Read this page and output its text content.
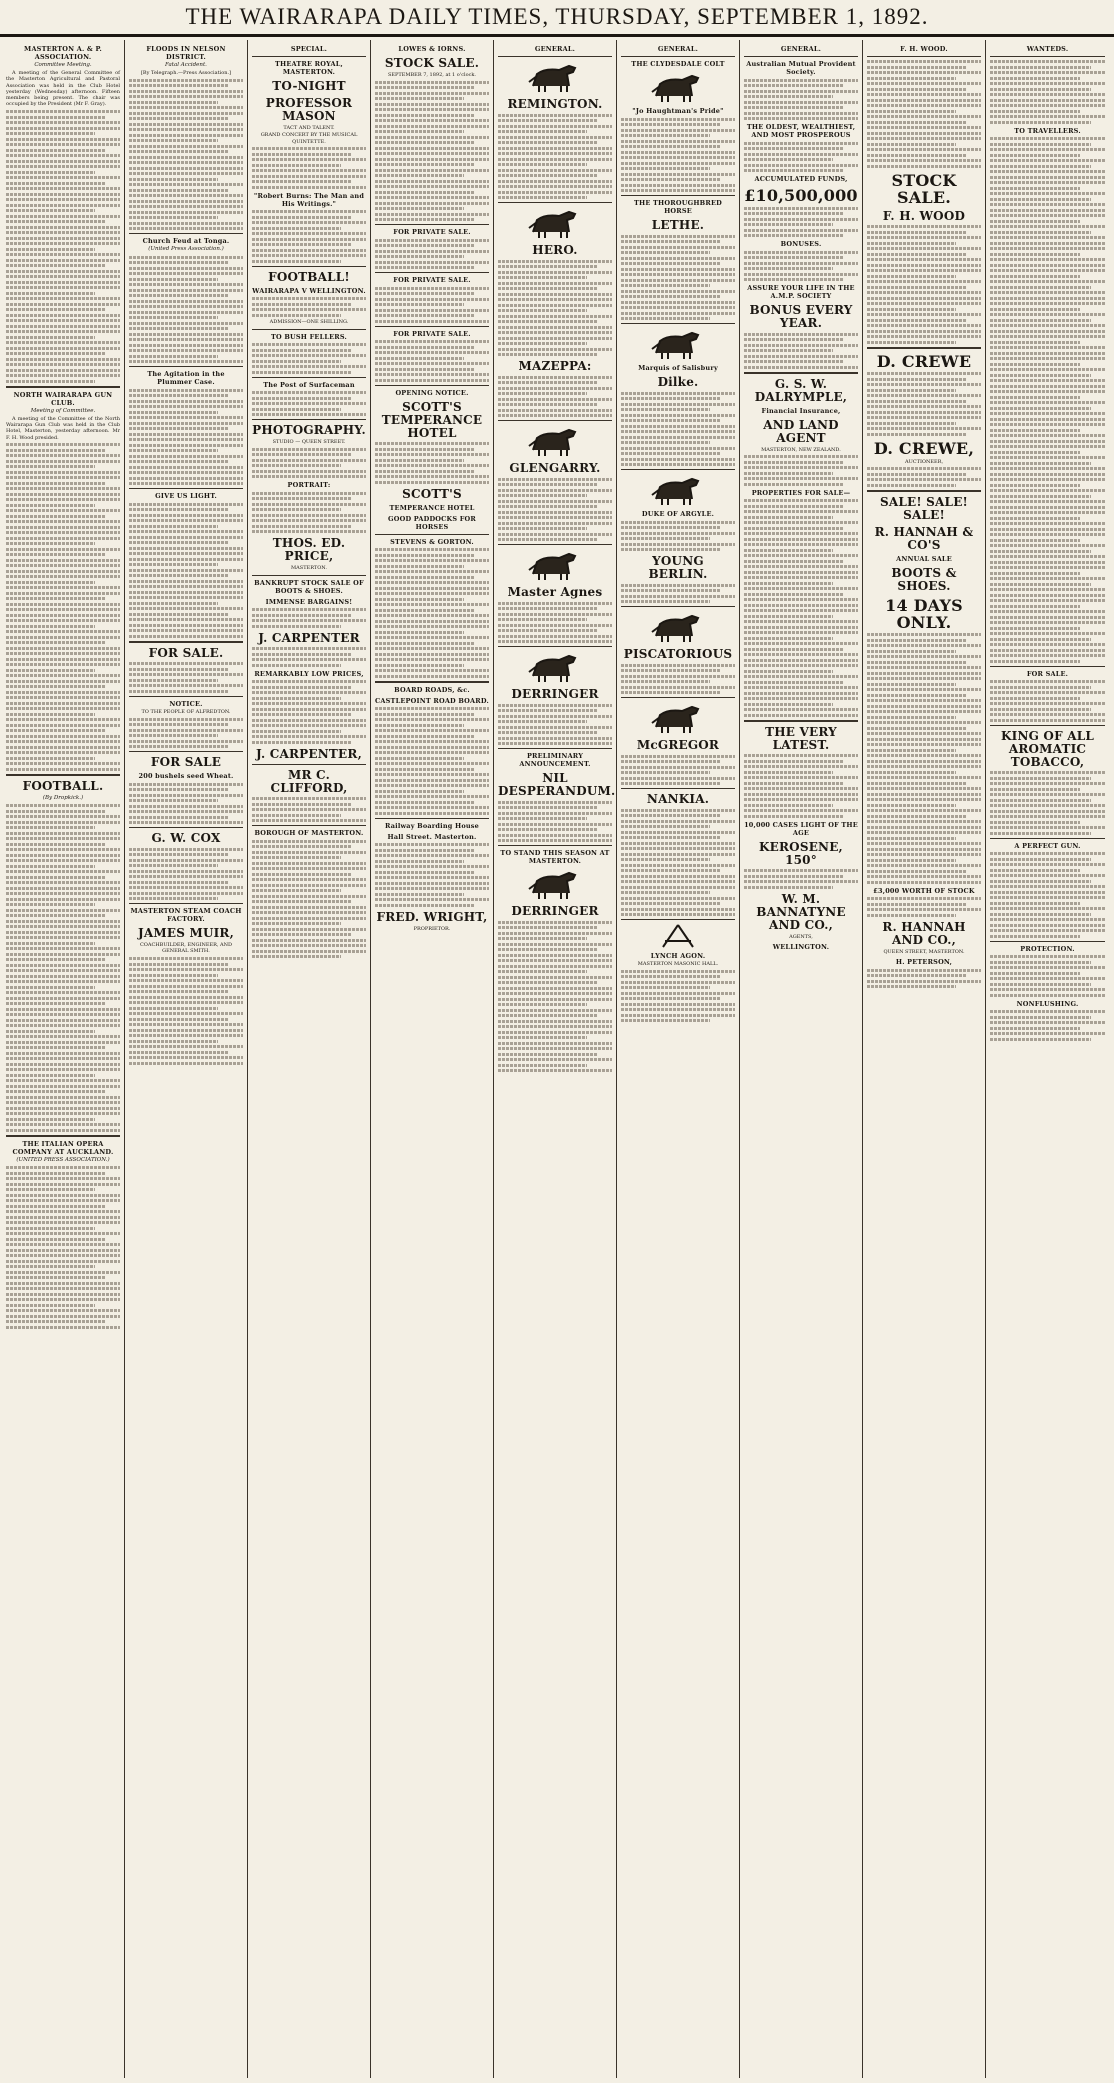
THE WAIRARAPA DAILY TIMES, THURSDAY, SEPTEMBER 1, 1892.
MASTERTON A. & P. ASSOCIATION.
Committee Meeting.
A meeting of the General Committee of the Masterton Agricultural and Pastoral Association was held in the Club Hotel yesterday (Wednesday) afternoon. Fifteen members being present. The chair was occupied by the President (Mr F. Gray).
NORTH WAIRARAPA GUN CLUB.
Meeting of Committee.
A meeting of the Committee of the North Wairarapa Gun Club was held in the Club Hotel, Masterton, yesterday afternoon. Mr F. H. Wood presided.
FOOTBALL.
(By Dropkick.)
THE ITALIAN OPERA COMPANY AT AUCKLAND.
(UNITED PRESS ASSOCIATION.)
FLOODS IN NELSON DISTRICT.
Fatal Accident.
[By Telegraph.—Press Association.]
Church Feud at Tonga.
(United Press Association.)
The Agitation in the Plummer Case.
GIVE US LIGHT.
FOR SALE.
NOTICE.
TO THE PEOPLE OF ALFREDTON.
FOR SALE
200 bushels seed Wheat.
G. W. COX
MASTERTON STEAM COACH FACTORY.
JAMES MUIR,
COACHBUILDER, ENGINEER, AND GENERAL SMITH.
SPECIAL.
THEATRE ROYAL, MASTERTON.
TO-NIGHT
PROFESSOR MASON
TACT AND TALENT.
GRAND CONCERT BY THE MUSICAL QUINTETTE.
"Robert Burns: The Man and His Writings."
FOOTBALL!
WAIRARAPA V WELLINGTON.
ADMISSION—ONE SHILLING.
TO BUSH FELLERS.
The Post of Surfaceman
PHOTOGRAPHY.
STUDIO — QUEEN STREET.
PORTRAIT:
THOS. ED. PRICE,
MASTERTON.
BANKRUPT STOCK SALE OF BOOTS & SHOES.
IMMENSE BARGAINS!
J. CARPENTER
REMARKABLY LOW PRICES,
J. CARPENTER,
MR C. CLIFFORD,
BOROUGH OF MASTERTON.
LOWES & IORNS.
STOCK SALE.
SEPTEMBER 7, 1892, at 1 o'clock.
FOR PRIVATE SALE.
FOR PRIVATE SALE.
FOR PRIVATE SALE.
OPENING NOTICE.
SCOTT'S TEMPERANCE HOTEL
SCOTT'S
TEMPERANCE HOTEL
GOOD PADDOCKS FOR HORSES
STEVENS & GORTON.
BOARD ROADS, &c.
CASTLEPOINT ROAD BOARD.
Railway Boarding House
Hall Street. Masterton.
FRED. WRIGHT,
PROPRIETOR.
GENERAL.
REMINGTON.
HERO.
MAZEPPA:
GLENGARRY.
Master Agnes
DERRINGER
PRELIMINARY ANNOUNCEMENT.
NIL DESPERANDUM.
TO STAND THIS SEASON AT MASTERTON.
DERRINGER
GENERAL.
THE CLYDESDALE COLT
"Jo Haughtman's Pride"
THE THOROUGHBRED HORSE
LETHE.
Marquis of Salisbury
Dilke.
DUKE OF ARGYLE.
YOUNG BERLIN.
PISCATORIOUS
McGREGOR
NANKIA.
LYNCH AGON.
MASTERTON MASONIC HALL.
GENERAL.
Australian Mutual Provident Society.
THE OLDEST, WEALTHIEST, AND MOST PROSPEROUS
ACCUMULATED FUNDS,
£10,500,000
BONUSES.
ASSURE YOUR LIFE IN THE A.M.P. SOCIETY
BONUS EVERY YEAR.
G. S. W. DALRYMPLE,
Financial Insurance,
AND LAND AGENT
MASTERTON, NEW ZEALAND.
PROPERTIES FOR SALE—
THE VERY LATEST.
10,000 CASES LIGHT OF THE AGE
KEROSENE, 150°
W. M. BANNATYNE AND CO.,
AGENTS,
WELLINGTON.
F. H. WOOD.
STOCK SALE.
F. H. WOOD
D. CREWE
D. CREWE,
AUCTIONEER,
SALE! SALE! SALE!
R. HANNAH & CO'S
ANNUAL SALE
BOOTS & SHOES.
14 DAYS ONLY.
£3,000 WORTH OF STOCK
R. HANNAH AND CO.,
QUEEN STREET, MASTERTON.
H. PETERSON,
WANTEDS.
TO TRAVELLERS.
FOR SALE.
KING OF ALL AROMATIC TOBACCO,
A PERFECT GUN.
PROTECTION.
NONFLUSHING.
